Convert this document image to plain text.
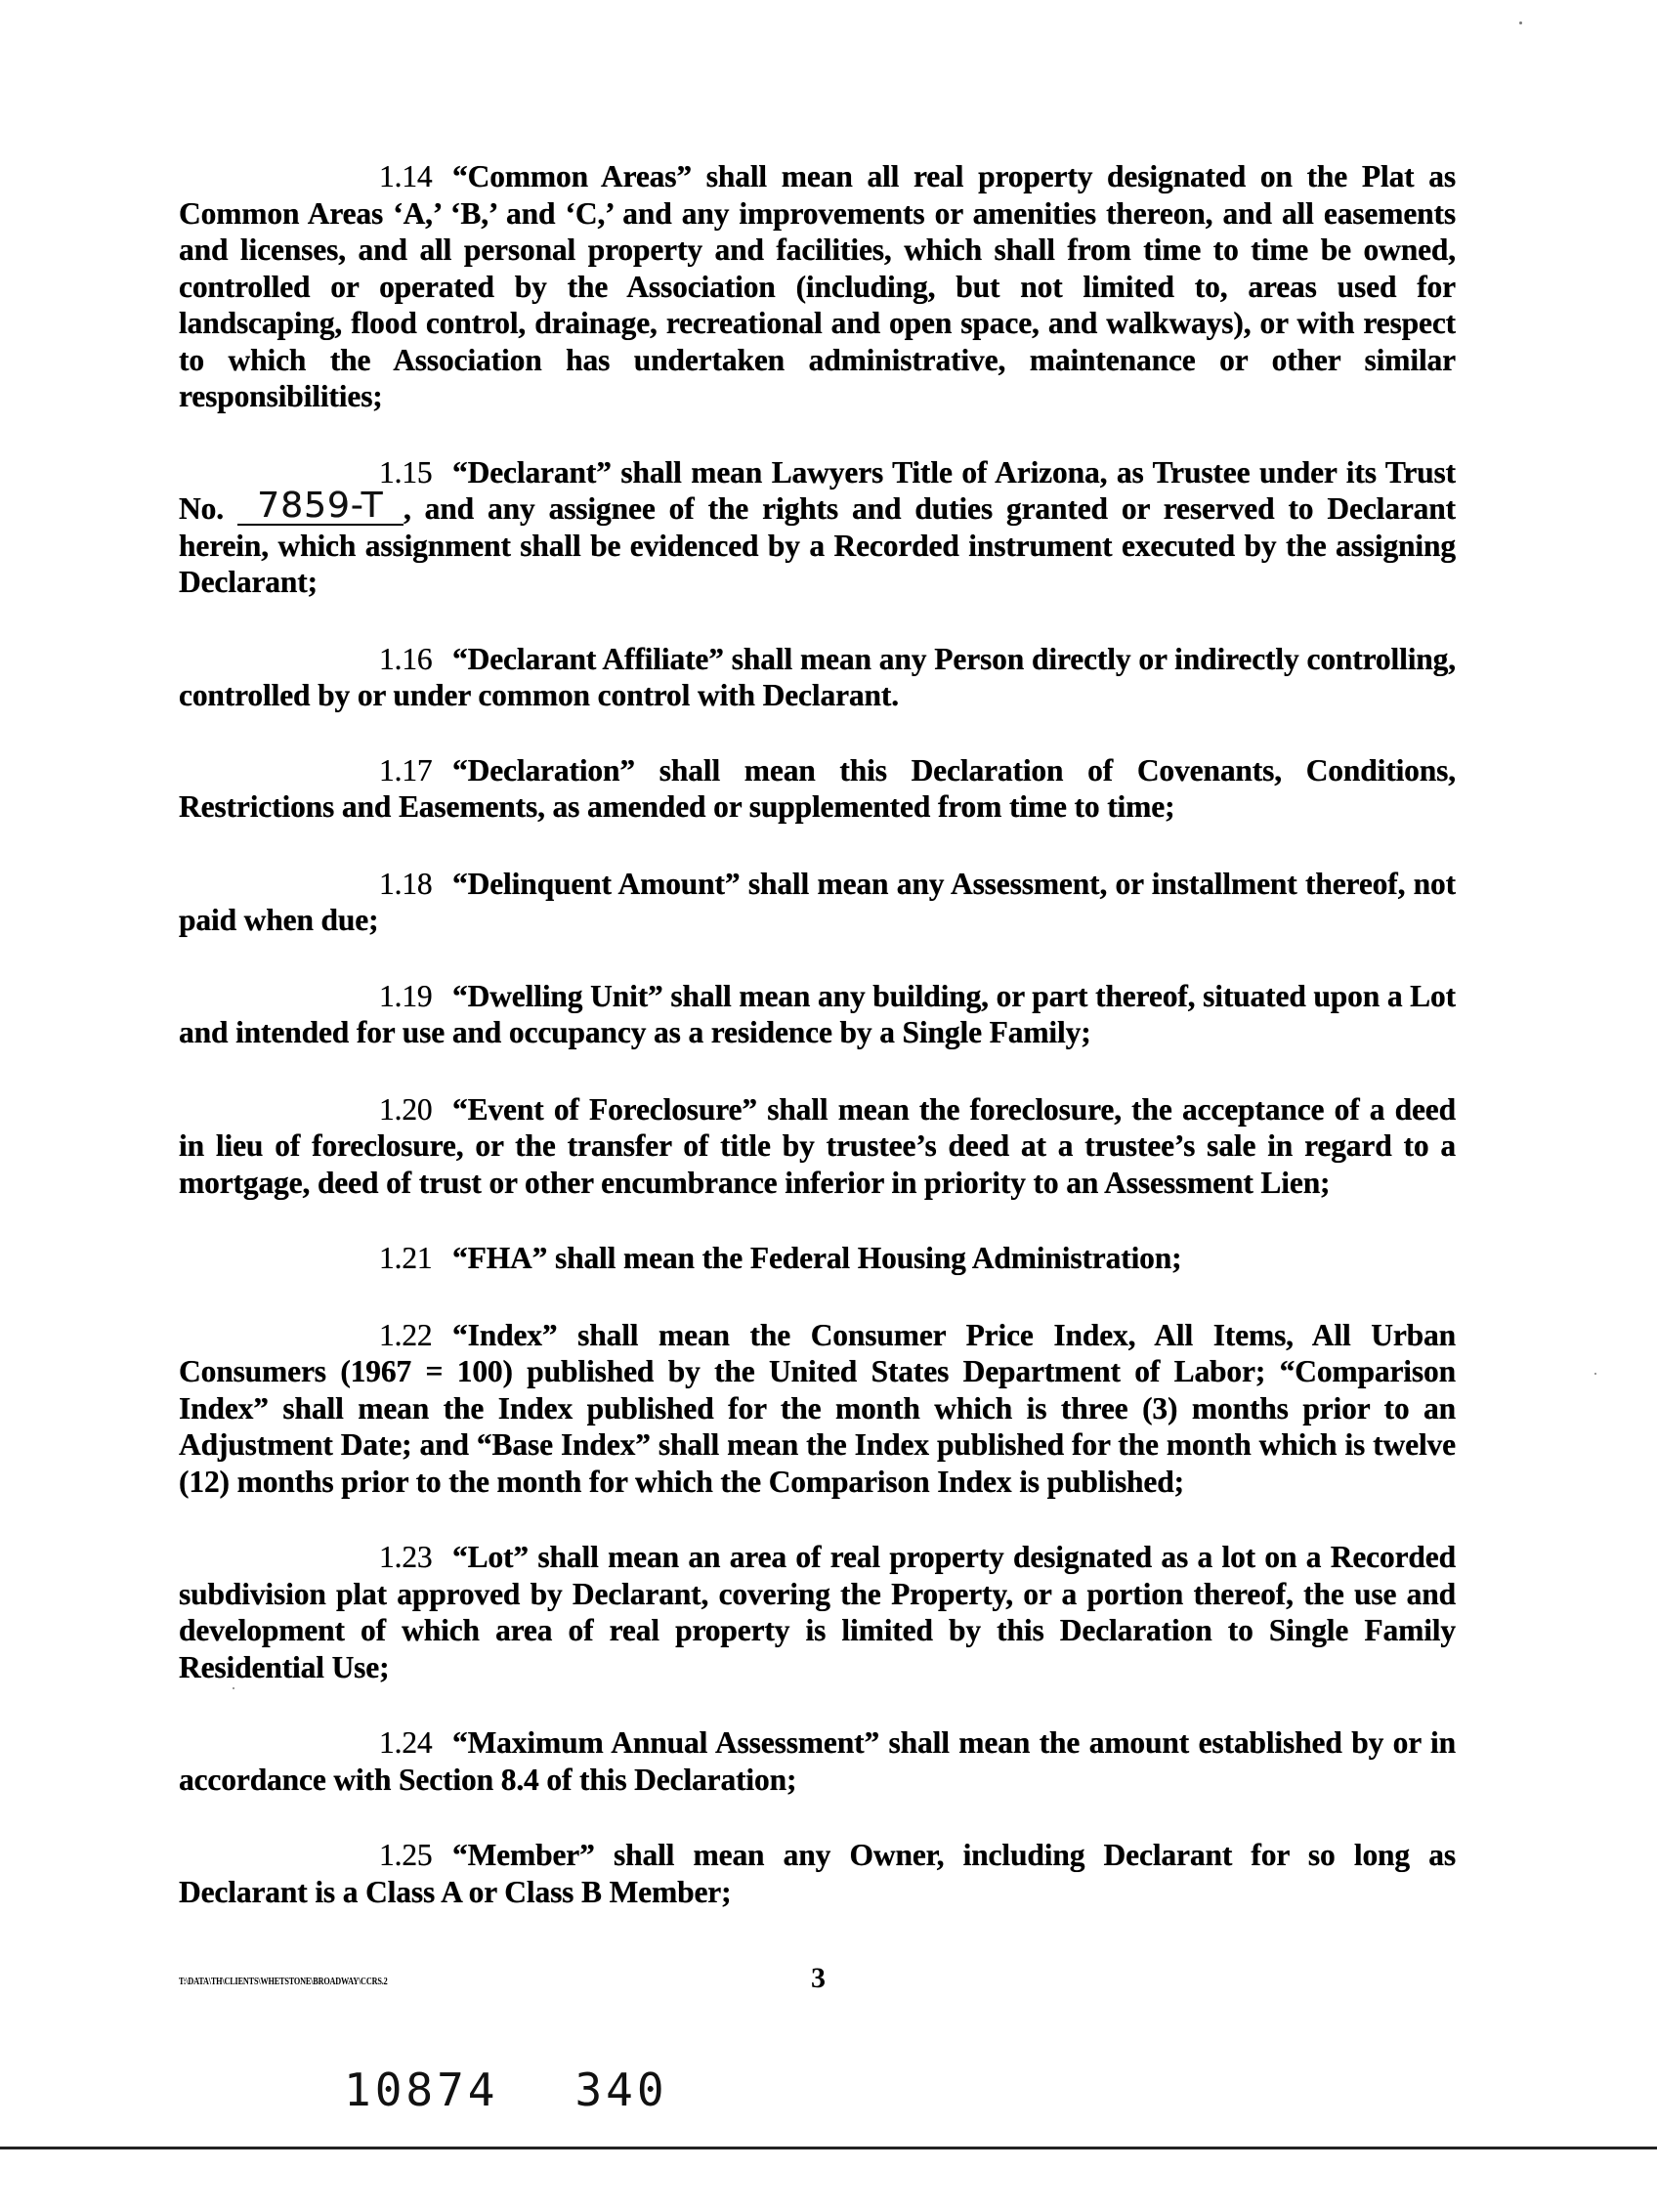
1.14 “Common Areas” shall mean all real property designated on the Plat as Common Areas ‘A,’ ‘B,’ and ‘C,’ and any improvements or amenities thereon, and all easements and licenses, and all personal property and facilities, which shall from time to time be owned, controlled or operated by the Association (including, but not limited to, areas used for landscaping, flood control, drainage, recreational and open space, and walkways), or with respect to which the Association has undertaken administrative, maintenance or other similar responsibilities;

1.15 “Declarant” shall mean Lawyers Title of Arizona, as Trustee under its Trust No. 7859-T , and any assignee of the rights and duties granted or reserved to Declarant herein, which assignment shall be evidenced by a Recorded instrument executed by the assigning Declarant;

1.16 “Declarant Affiliate” shall mean any Person directly or indirectly controlling, controlled by or under common control with Declarant.

1.17 “Declaration” shall mean this Declaration of Covenants, Conditions, Restrictions and Easements, as amended or supplemented from time to time;

1.18 “Delinquent Amount” shall mean any Assessment, or installment thereof, not paid when due;

1.19 “Dwelling Unit” shall mean any building, or part thereof, situated upon a Lot and intended for use and occupancy as a residence by a Single Family;

1.20 “Event of Foreclosure” shall mean the foreclosure, the acceptance of a deed in lieu of foreclosure, or the transfer of title by trustee’s deed at a trustee’s sale in regard to a mortgage, deed of trust or other encumbrance inferior in priority to an Assessment Lien;

1.21 “FHA” shall mean the Federal Housing Administration;

1.22 “Index” shall mean the Consumer Price Index, All Items, All Urban Consumers (1967 = 100) published by the United States Department of Labor; “Comparison Index” shall mean the Index published for the month which is three (3) months prior to an Adjustment Date; and “Base Index” shall mean the Index published for the month which is twelve (12) months prior to the month for which the Comparison Index is published;

1.23 “Lot” shall mean an area of real property designated as a lot on a Recorded subdivision plat approved by Declarant, covering the Property, or a portion thereof, the use and development of which area of real property is limited by this Declaration to Single Family Residential Use;

1.24 “Maximum Annual Assessment” shall mean the amount established by or in accordance with Section 8.4 of this Declaration;

1.25 “Member” shall mean any Owner, including Declarant for so long as Declarant is a Class A or Class B Member;

T:\DATA\TH\CLIENTS\WHETSTONE\BROADWAY\CCRS.2	3
10874 340
